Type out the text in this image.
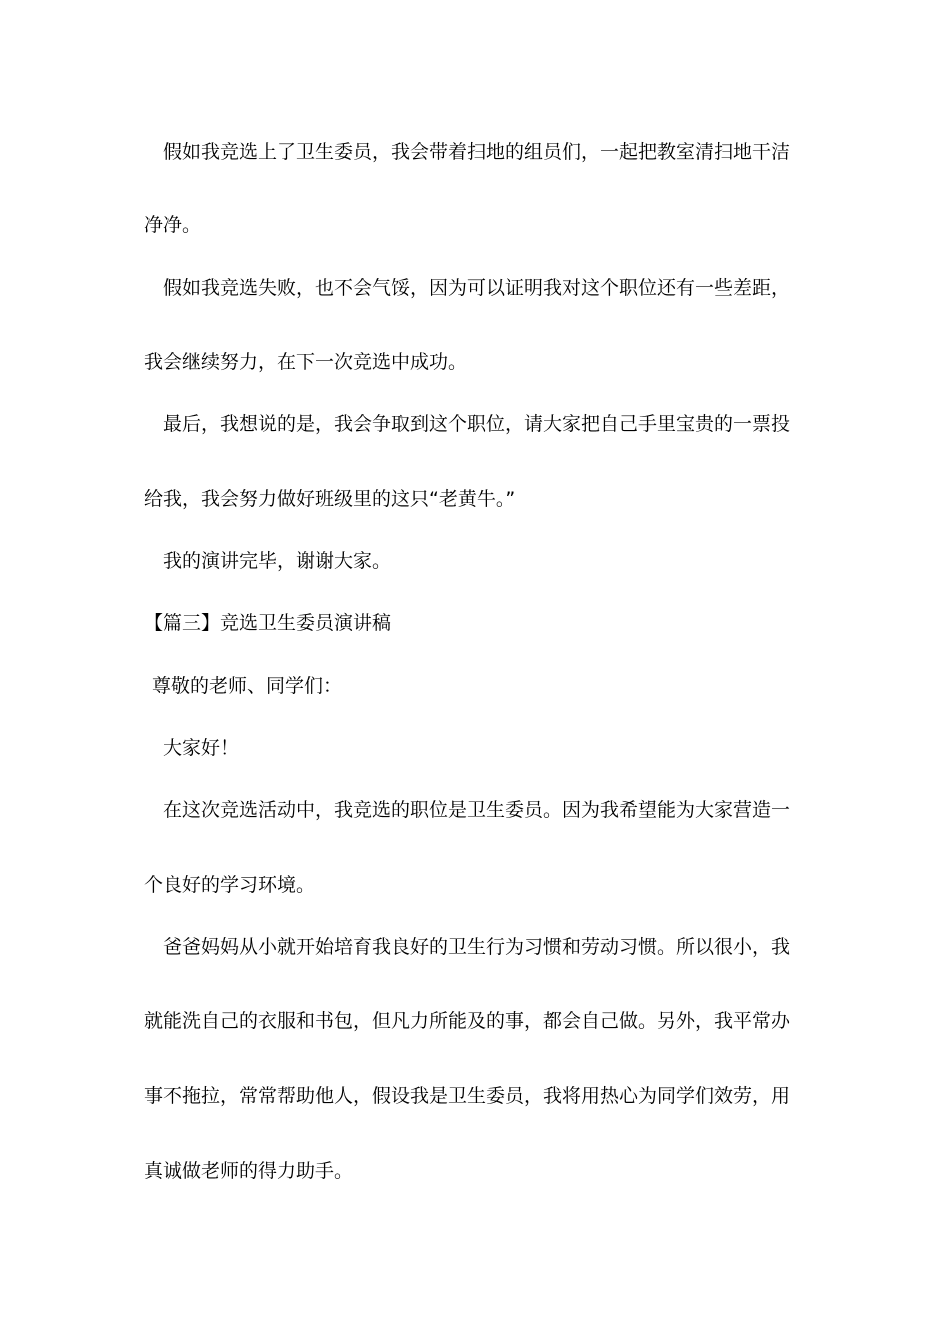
假如我竞选上了卫生委员，我会带着扫地的组员们，一起把教室清扫地干洁
净净。
假如我竞选失败，也不会气馁，因为可以证明我对这个职位还有一些差距，
我会继续努力，在下一次竞选中成功。
最后，我想说的是，我会争取到这个职位，请大家把自己手里宝贵的一票投
给我，我会努力做好班级里的这只“老黄牛。”
我的演讲完毕，谢谢大家。
【篇三】竞选卫生委员演讲稿
尊敬的老师、同学们：
大家好！
在这次竞选活动中，我竞选的职位是卫生委员。因为我希望能为大家营造一
个良好的学习环境。
爸爸妈妈从小就开始培育我良好的卫生行为习惯和劳动习惯。所以很小，我
就能洗自己的衣服和书包，但凡力所能及的事，都会自己做。另外，我平常办
事不拖拉，常常帮助他人，假设我是卫生委员，我将用热心为同学们效劳，用
真诚做老师的得力助手。
